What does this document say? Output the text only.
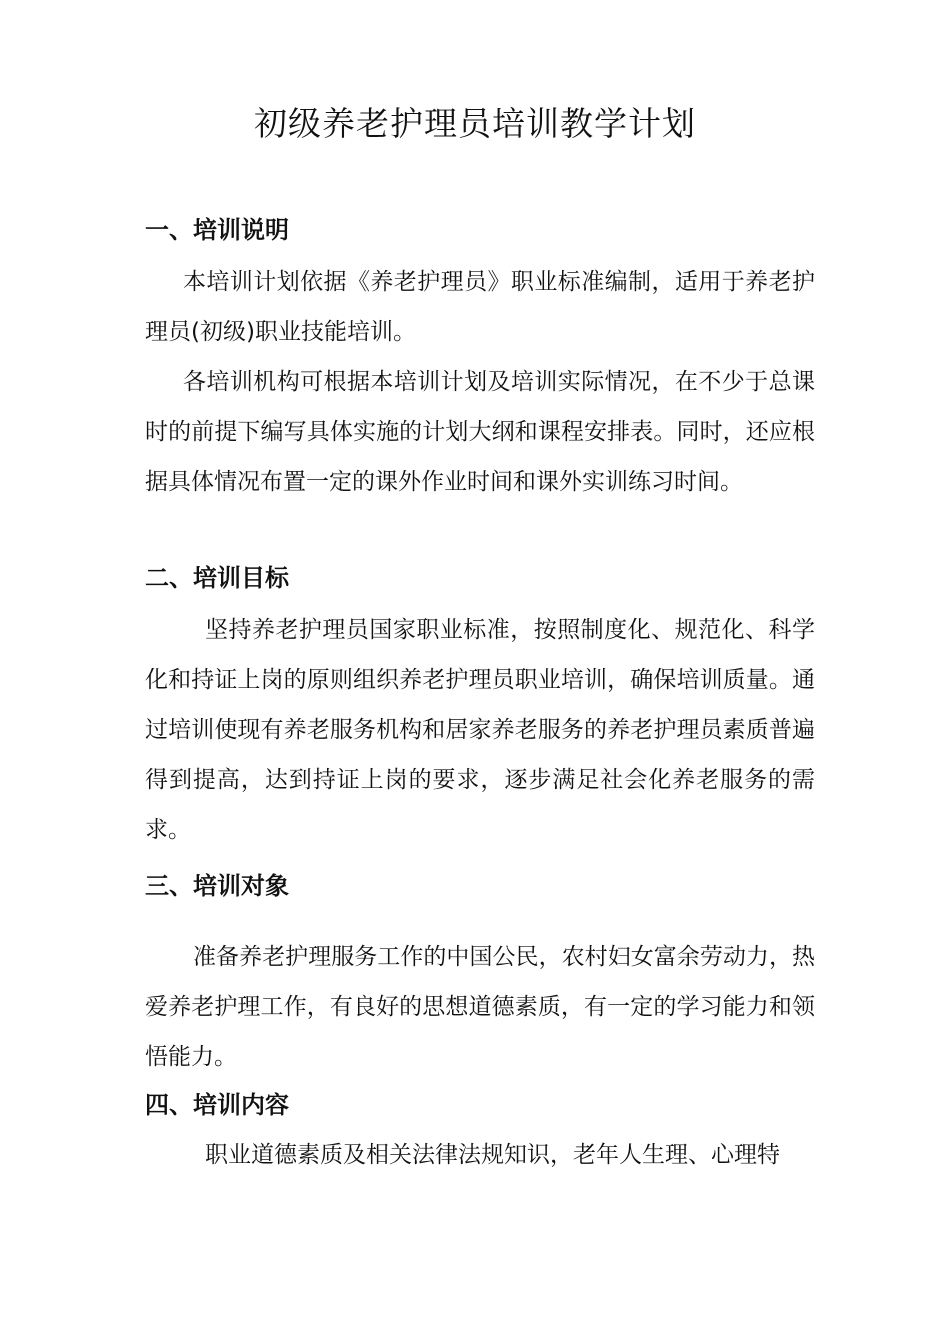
初级养老护理员培训教学计划
一、培训说明

本培训计划依据《养老护理员》职业标准编制，适用于养老护理员(初级)职业技能培训。

各培训机构可根据本培训计划及培训实际情况，在不少于总课时的前提下编写具体实施的计划大纲和课程安排表。同时，还应根据具体情况布置一定的课外作业时间和课外实训练习时间。

二、培训目标

坚持养老护理员国家职业标准，按照制度化、规范化、科学化和持证上岗的原则组织养老护理员职业培训，确保培训质量。通过培训使现有养老服务机构和居家养老服务的养老护理员素质普遍得到提高，达到持证上岗的要求，逐步满足社会化养老服务的需求。

三、培训对象

准备养老护理服务工作的中国公民，农村妇女富余劳动力，热爱养老护理工作，有良好的思想道德素质，有一定的学习能力和领悟能力。

四、培训内容

职业道德素质及相关法律法规知识，老年人生理、心理特
